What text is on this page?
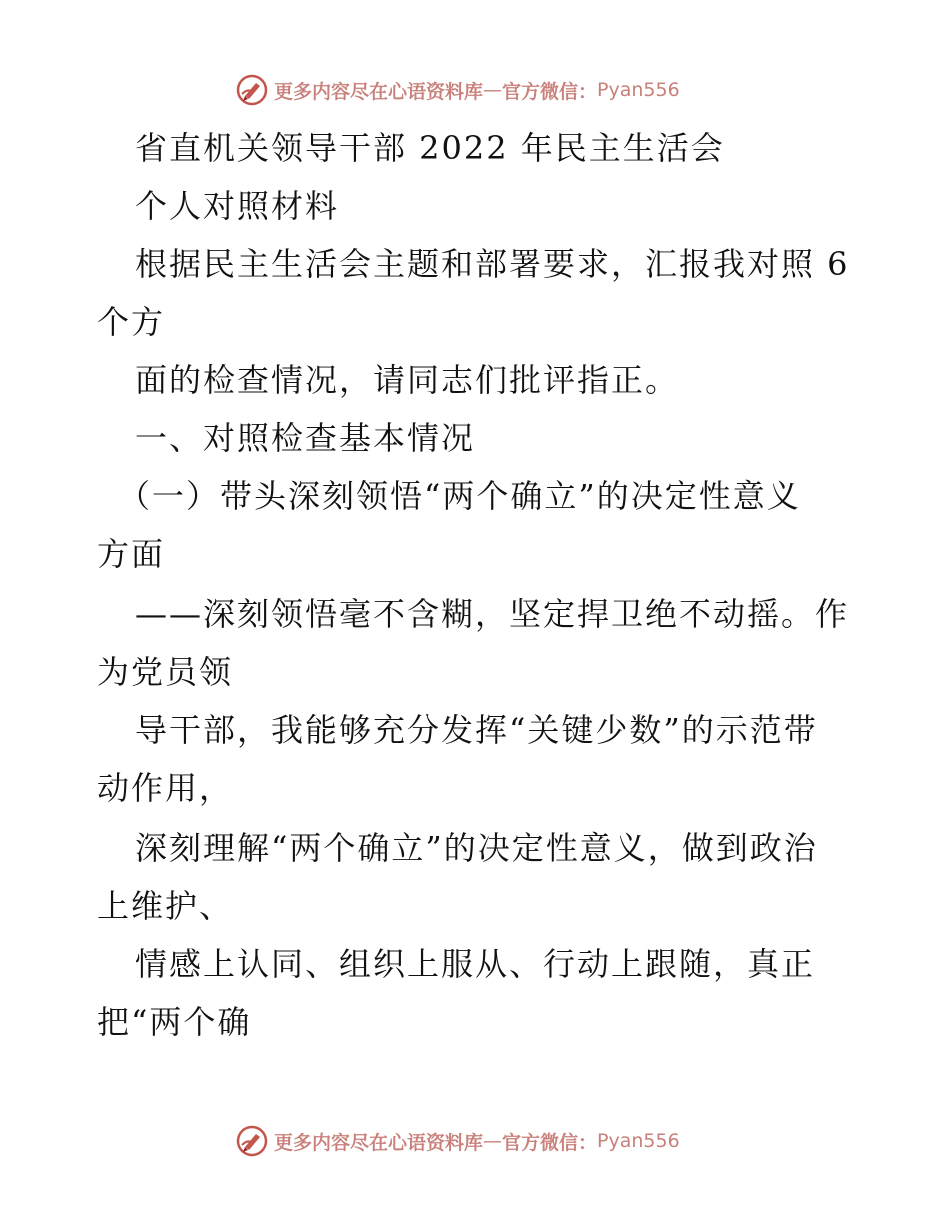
更多内容尽在心语资料库 — 官方微信： Pyan556
省直机关领导干部 2022 年民主生活会
个人对照材料
根据民主生活会主题和部署要求，汇报我对照 6
个方
面的检查情况，请同志们批评指正。
一、对照检查基本情况
（一）带头深刻领悟“两个确立”的决定性意义
方面
——深刻领悟毫不含糊，坚定捍卫绝不动摇。作
为党员领
导干部，我能够充分发挥“关键少数”的示范带
动作用，
深刻理解“两个确立”的决定性意义，做到政治
上维护、
情感上认同、组织上服从、行动上跟随，真正
把“两个确
更多内容尽在心语资料库 — 官方微信： Pyan556
